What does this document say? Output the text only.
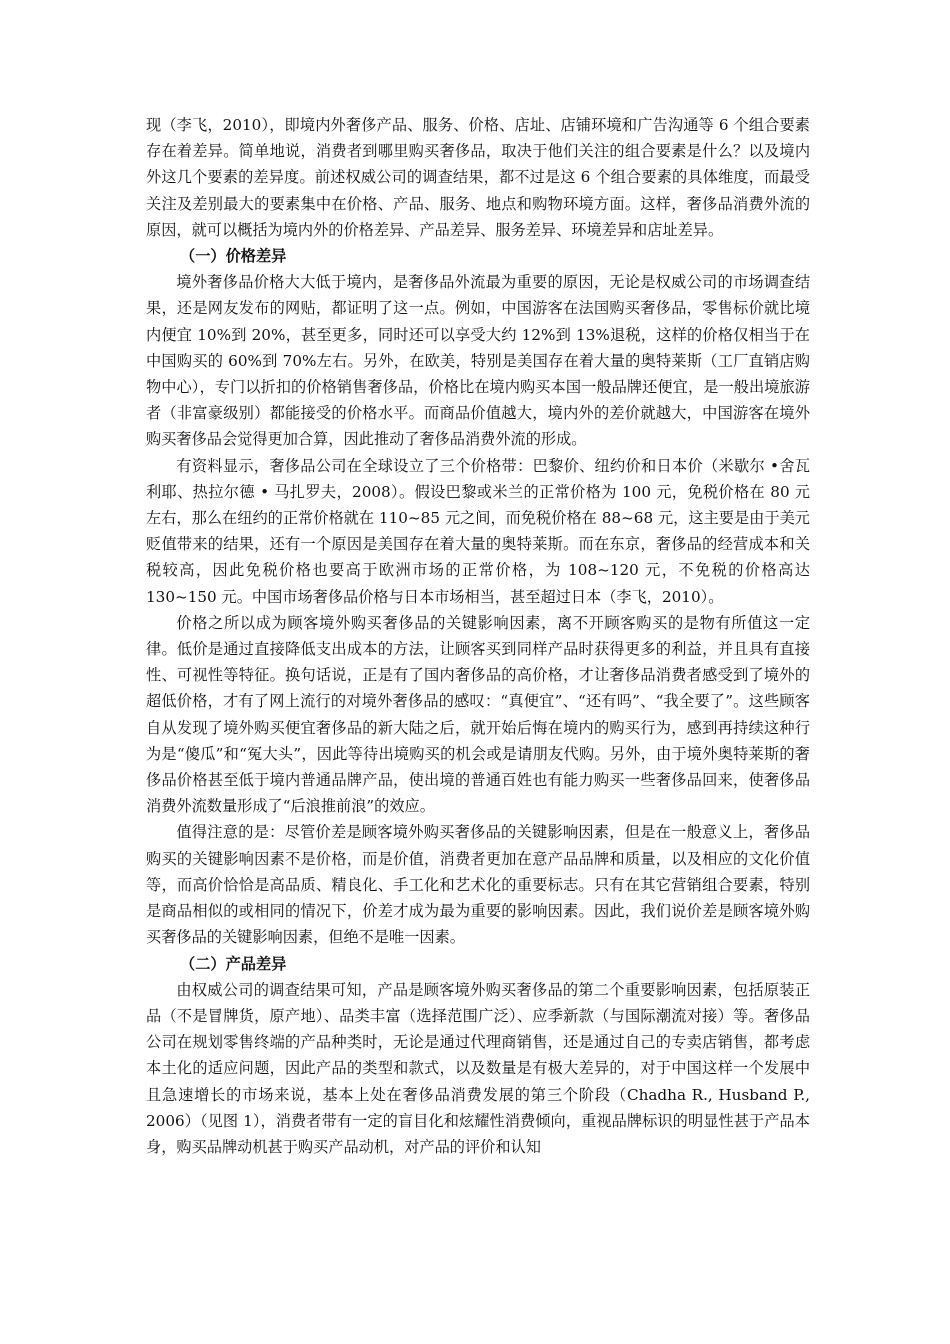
现（李飞，2010），即境内外奢侈产品、服务、价格、店址、店铺环境和广告沟通等 6 个组合要素存在着差异。简单地说，消费者到哪里购买奢侈品，取决于他们关注的组合要素是什么？以及境内外这几个要素的差异度。前述权威公司的调查结果，都不过是这 6 个组合要素的具体维度，而最受关注及差别最大的要素集中在价格、产品、服务、地点和购物环境方面。这样，奢侈品消费外流的原因，就可以概括为境内外的价格差异、产品差异、服务差异、环境差异和店址差异。

（一）价格差异

境外奢侈品价格大大低于境内，是奢侈品外流最为重要的原因，无论是权威公司的市场调查结果，还是网友发布的网贴，都证明了这一点。例如，中国游客在法国购买奢侈品，零售标价就比境内便宜 10%到 20%，甚至更多，同时还可以享受大约 12%到 13%退税，这样的价格仅相当于在中国购买的 60%到 70%左右。另外，在欧美，特别是美国存在着大量的奥特莱斯（工厂直销店购物中心），专门以折扣的价格销售奢侈品，价格比在境内购买本国一般品牌还便宜，是一般出境旅游者（非富豪级别）都能接受的价格水平。而商品价值越大，境内外的差价就越大，中国游客在境外购买奢侈品会觉得更加合算，因此推动了奢侈品消费外流的形成。

有资料显示，奢侈品公司在全球设立了三个价格带：巴黎价、纽约价和日本价（米歇尔 •舍瓦利耶、热拉尔德 • 马扎罗夫，2008）。假设巴黎或米兰的正常价格为 100 元，免税价格在 80 元左右，那么在纽约的正常价格就在 110~85 元之间，而免税价格在 88~68 元，这主要是由于美元贬值带来的结果，还有一个原因是美国存在着大量的奥特莱斯。而在东京，奢侈品的经营成本和关税较高，因此免税价格也要高于欧洲市场的正常价格，为 108~120 元，不免税的价格高达 130~150 元。中国市场奢侈品价格与日本市场相当，甚至超过日本（李飞，2010）。

价格之所以成为顾客境外购买奢侈品的关键影响因素，离不开顾客购买的是物有所值这一定律。低价是通过直接降低支出成本的方法，让顾客买到同样产品时获得更多的利益，并且具有直接性、可视性等特征。换句话说，正是有了国内奢侈品的高价格，才让奢侈品消费者感受到了境外的超低价格，才有了网上流行的对境外奢侈品的感叹：“真便宜”、“还有吗”、“我全要了”。这些顾客自从发现了境外购买便宜奢侈品的新大陆之后，就开始后悔在境内的购买行为，感到再持续这种行为是“傻瓜”和“冤大头”，因此等待出境购买的机会或是请朋友代购。另外，由于境外奥特莱斯的奢侈品价格甚至低于境内普通品牌产品，使出境的普通百姓也有能力购买一些奢侈品回来，使奢侈品消费外流数量形成了“后浪推前浪”的效应。

值得注意的是：尽管价差是顾客境外购买奢侈品的关键影响因素，但是在一般意义上，奢侈品购买的关键影响因素不是价格，而是价值，消费者更加在意产品品牌和质量，以及相应的文化价值等，而高价恰恰是高品质、精良化、手工化和艺术化的重要标志。只有在其它营销组合要素，特别是商品相似的或相同的情况下，价差才成为最为重要的影响因素。因此，我们说价差是顾客境外购买奢侈品的关键影响因素，但绝不是唯一因素。

（二）产品差异

由权威公司的调查结果可知，产品是顾客境外购买奢侈品的第二个重要影响因素，包括原装正品（不是冒牌货，原产地）、品类丰富（选择范围广泛）、应季新款（与国际潮流对接）等。奢侈品公司在规划零售终端的产品种类时，无论是通过代理商销售，还是通过自己的专卖店销售，都考虑本土化的适应问题，因此产品的类型和款式，以及数量是有极大差异的，对于中国这样一个发展中且急速增长的市场来说，基本上处在奢侈品消费发展的第三个阶段（Chadha R., Husband P., 2006）（见图 1），消费者带有一定的盲目化和炫耀性消费倾向，重视品牌标识的明显性甚于产品本身，购买品牌动机甚于购买产品动机，对产品的评价和认知
